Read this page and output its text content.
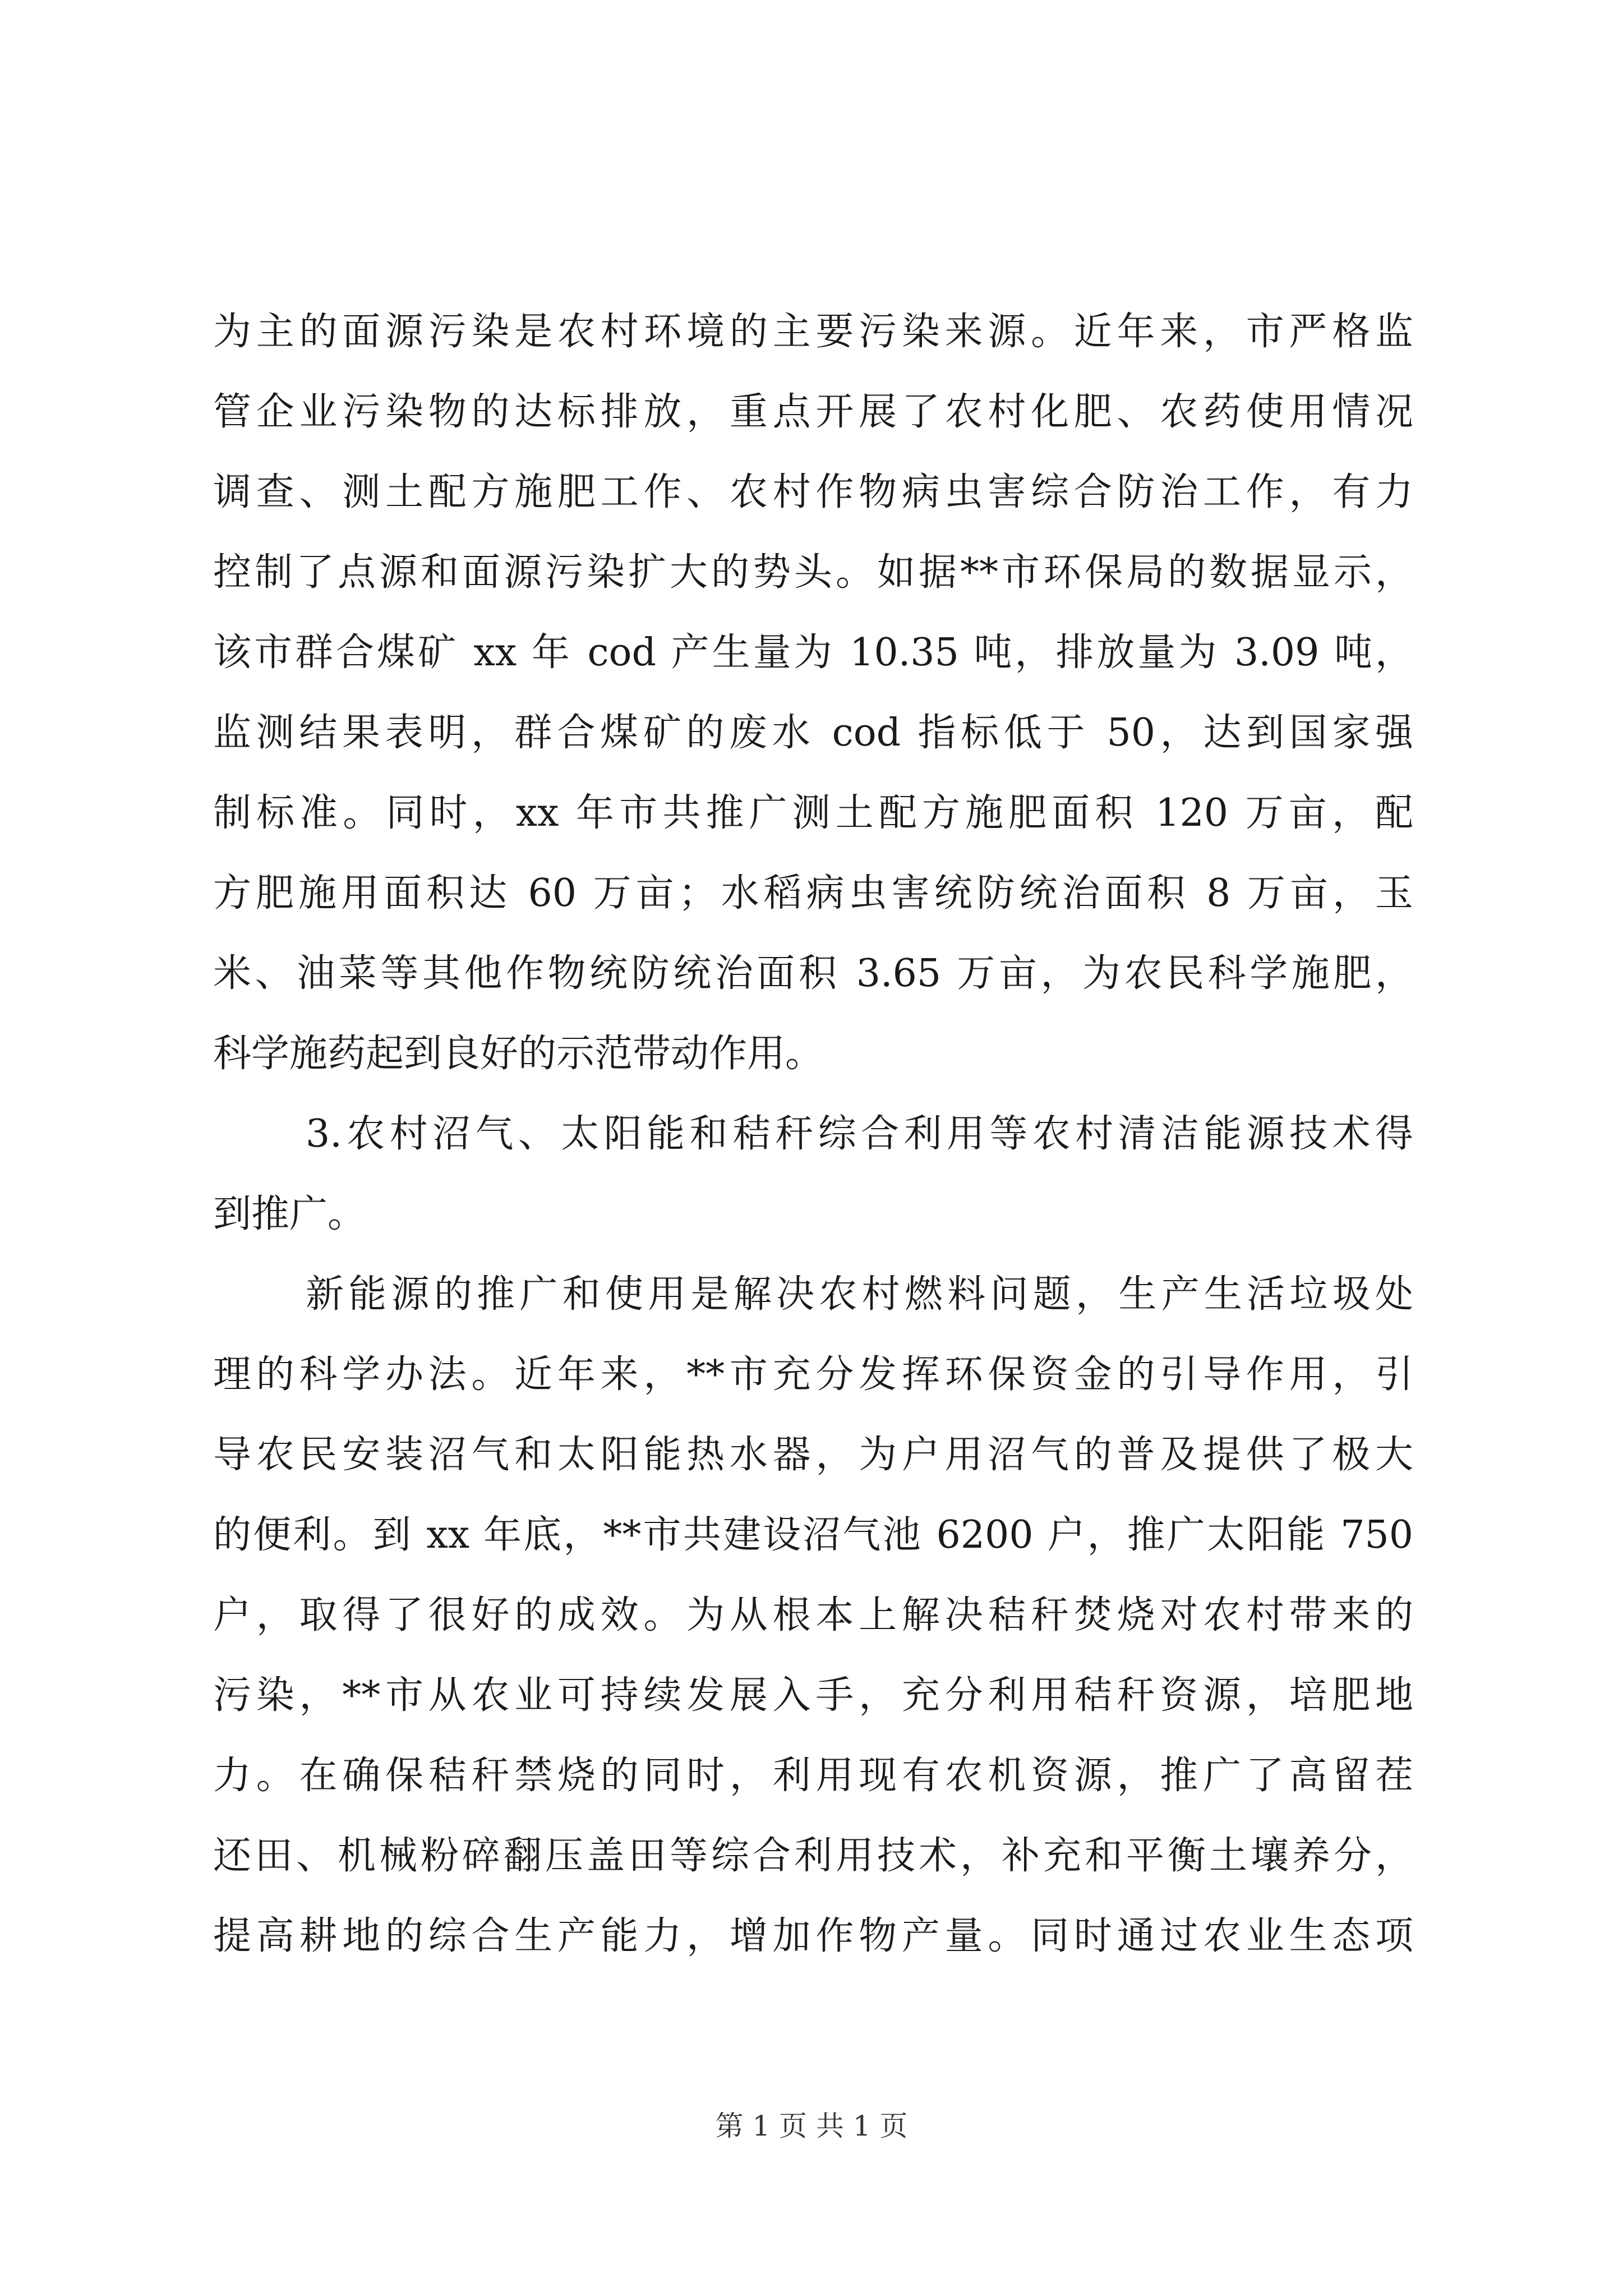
为主的面源污染是农村环境的主要污染来源。近年来，市严格监
管企业污染物的达标排放，重点开展了农村化肥、农药使用情况
调查、测土配方施肥工作、农村作物病虫害综合防治工作，有力
控制了点源和面源污染扩大的势头。如据**市环保局的数据显示，
该市群合煤矿 xx 年 cod 产生量为 10.35 吨，排放量为 3.09 吨，
监测结果表明，群合煤矿的废水 cod 指标低于 50，达到国家强
制标准。同时，xx 年市共推广测土配方施肥面积 120 万亩，配
方肥施用面积达 60 万亩；水稻病虫害统防统治面积 8 万亩，玉
米、油菜等其他作物统防统治面积 3.65 万亩，为农民科学施肥，
科学施药起到良好的示范带动作用。
3.农村沼气、太阳能和秸秆综合利用等农村清洁能源技术得
到推广。
新能源的推广和使用是解决农村燃料问题，生产生活垃圾处
理的科学办法。近年来，**市充分发挥环保资金的引导作用，引
导农民安装沼气和太阳能热水器，为户用沼气的普及提供了极大
的便利。到 xx 年底，**市共建设沼气池 6200 户，推广太阳能 750
户，取得了很好的成效。为从根本上解决秸秆焚烧对农村带来的
污染，**市从农业可持续发展入手，充分利用秸秆资源，培肥地
力。在确保秸秆禁烧的同时，利用现有农机资源，推广了高留茬
还田、机械粉碎翻压盖田等综合利用技术，补充和平衡土壤养分，
提高耕地的综合生产能力，增加作物产量。同时通过农业生态项
第 1 页 共 1 页
